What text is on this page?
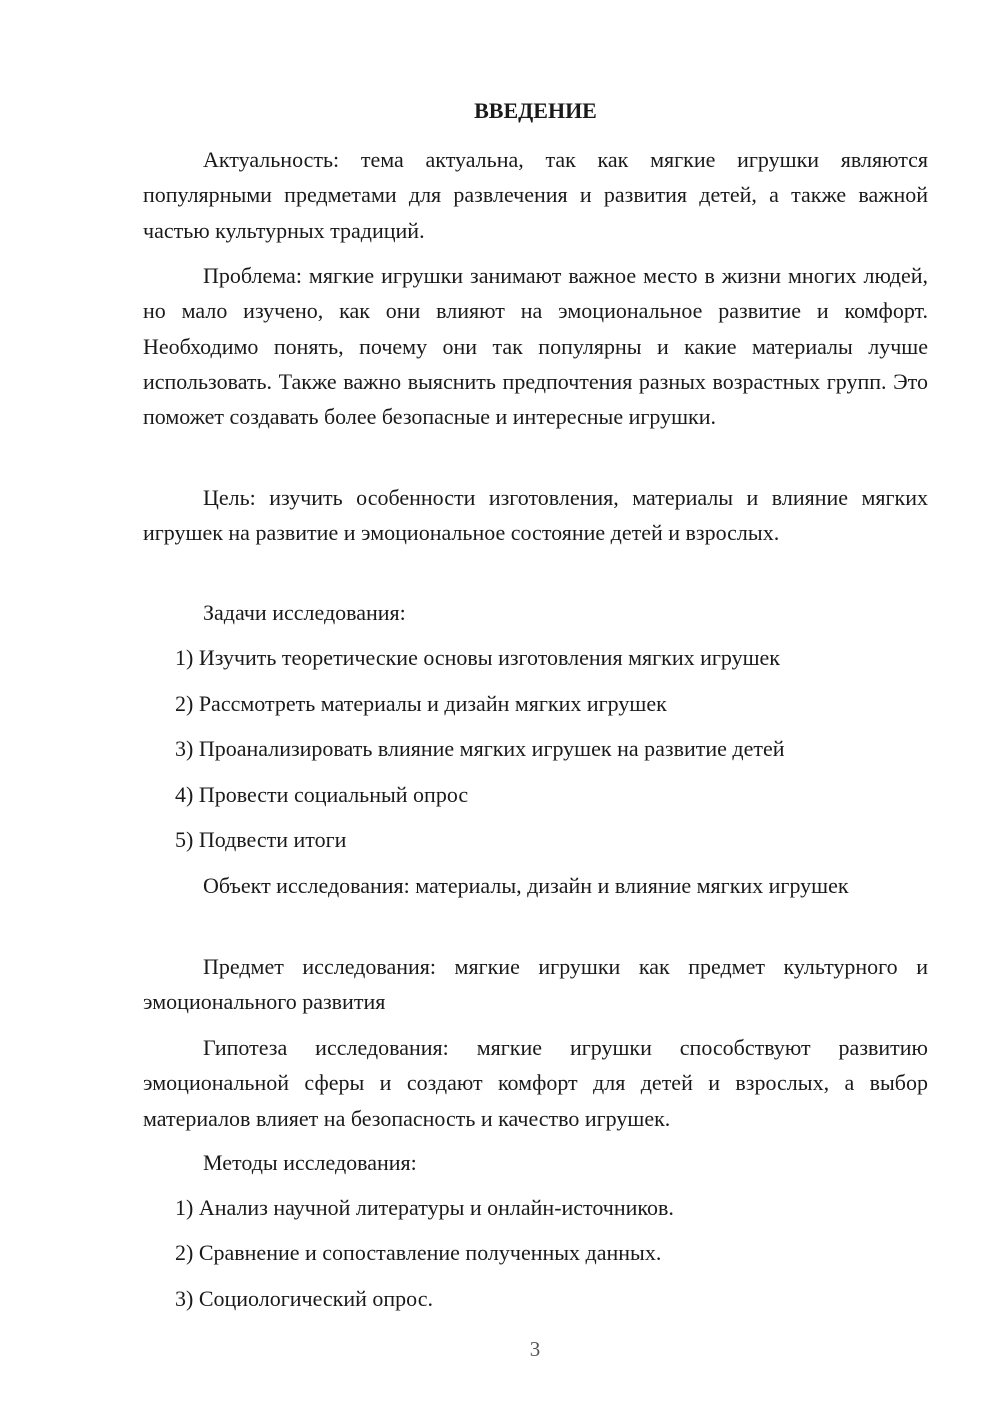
ВВЕДЕНИЕ

Актуальность: тема актуальна, так как мягкие игрушки являются популярными предметами для развлечения и развития детей, а также важной частью культурных традиций.

Проблема: мягкие игрушки занимают важное место в жизни многих людей, но мало изучено, как они влияют на эмоциональное развитие и комфорт. Необходимо понять, почему они так популярны и какие материалы лучше использовать. Также важно выяснить предпочтения разных возрастных групп. Это поможет создавать более безопасные и интересные игрушки.

Цель: изучить особенности изготовления, материалы и влияние мягких игрушек на развитие и эмоциональное состояние детей и взрослых.

Задачи исследования:

1) Изучить теоретические основы изготовления мягких игрушек

2) Рассмотреть материалы и дизайн мягких игрушек

3) Проанализировать влияние мягких игрушек на развитие детей

4) Провести социальный опрос

5) Подвести итоги

Объект исследования: материалы, дизайн и влияние мягких игрушек

Предмет исследования: мягкие игрушки как предмет культурного и эмоционального развития

Гипотеза исследования: мягкие игрушки способствуют развитию эмоциональной сферы и создают комфорт для детей и взрослых, а выбор материалов влияет на безопасность и качество игрушек.

Методы исследования:

1) Анализ научной литературы и онлайн-источников.

2) Сравнение и сопоставление полученных данных.

3) Социологический опрос.

3
